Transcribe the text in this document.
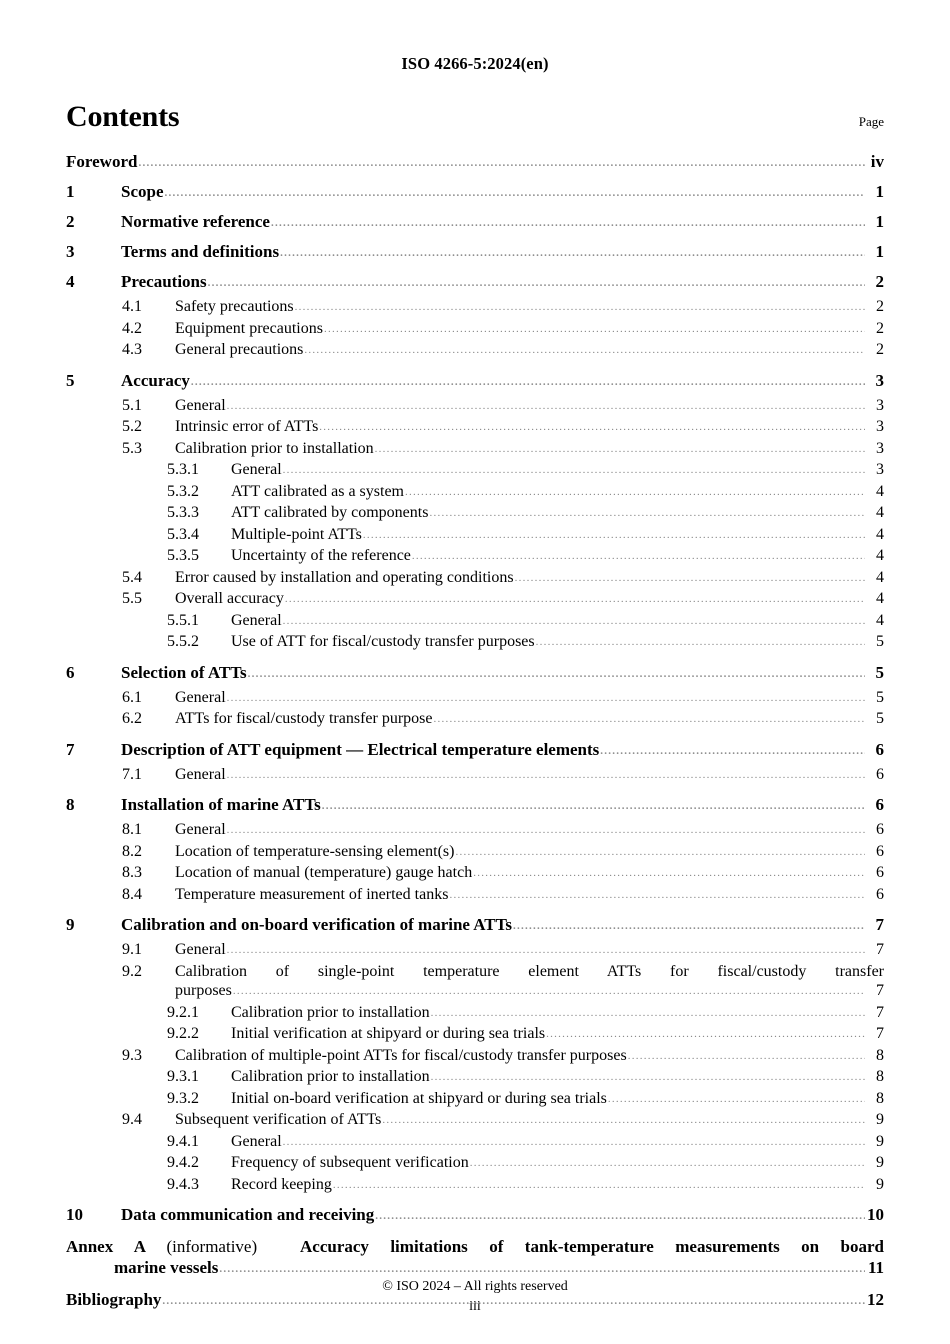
ISO 4266-5:2024(en)
Contents	Page
Foreword .....	iv
1	Scope .....	1
2	Normative reference .....	1
3	Terms and definitions .....	1
4	Precautions .....	2
4.1	Safety precautions .....	2
4.2	Equipment precautions .....	2
4.3	General precautions .....	2
5	Accuracy .....	3
5.1	General .....	3
5.2	Intrinsic error of ATTs .....	3
5.3	Calibration prior to installation .....	3
5.3.1	General .....	3
5.3.2	ATT calibrated as a system .....	4
5.3.3	ATT calibrated by components .....	4
5.3.4	Multiple-point ATTs .....	4
5.3.5	Uncertainty of the reference .....	4
5.4	Error caused by installation and operating conditions .....	4
5.5	Overall accuracy .....	4
5.5.1	General .....	4
5.5.2	Use of ATT for fiscal/custody transfer purposes .....	5
6	Selection of ATTs .....	5
6.1	General .....	5
6.2	ATTs for fiscal/custody transfer purpose .....	5
7	Description of ATT equipment — Electrical temperature elements .....	6
7.1	General .....	6
8	Installation of marine ATTs .....	6
8.1	General .....	6
8.2	Location of temperature-sensing element(s) .....	6
8.3	Location of manual (temperature) gauge hatch .....	6
8.4	Temperature measurement of inerted tanks .....	6
9	Calibration and on-board verification of marine ATTs .....	7
9.1	General .....	7
9.2	Calibration of single-point temperature element ATTs for fiscal/custody transfer
purposes .....	7
9.2.1	Calibration prior to installation .....	7
9.2.2	Initial verification at shipyard or during sea trials .....	7
9.3	Calibration of multiple-point ATTs for fiscal/custody transfer purposes .....	8
9.3.1	Calibration prior to installation .....	8
9.3.2	Initial on-board verification at shipyard or during sea trials .....	8
9.4	Subsequent verification of ATTs .....	9
9.4.1	General .....	9
9.4.2	Frequency of subsequent verification .....	9
9.4.3	Record keeping .....	9
10	Data communication and receiving .....	10
Annex A (informative)	Accuracy limitations of tank-temperature measurements on board
marine vessels .....	11
Bibliography .....	12
© ISO 2024 – All rights reserved
iii
